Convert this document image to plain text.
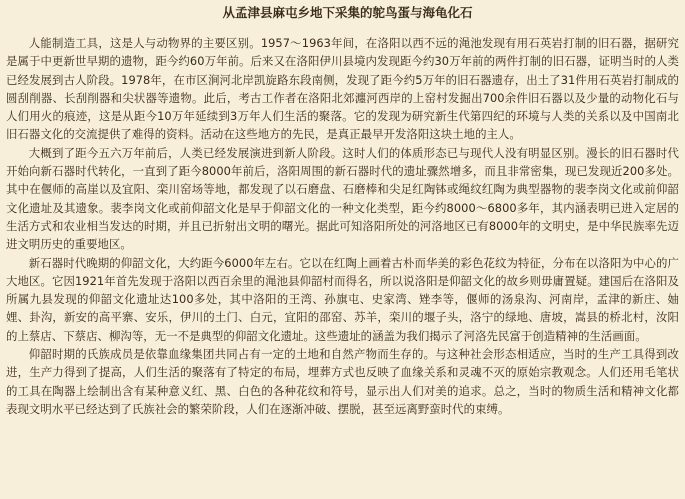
从孟津县麻屯乡地下采集的鸵鸟蛋与海龟化石

人能制造工具，这是人与动物界的主要区别。1957～1963年间，在洛阳以西不远的渑池发现有用石英岩打制的旧石器，据研究是属于中更新世早期的遗物，距今约60万年前。后来又在洛阳伊川县境内发现距今约30万年前的两件打制的旧石器，证明当时的人类已经发展到古人阶段。1978年，在市区涧河北岸凯旋路东段南侧，发现了距今约5万年的旧石器遗存，出土了31件用石英岩打制成的圆刮削器、长刮削器和尖状器等遗物。此后，考古工作者在洛阳北郊瀍河西岸的上窑村发掘出700余件旧石器以及少量的动物化石与人们用火的痕迹，这是从距今10万年延续到3万年人们生活的聚落。它的发现为研究新生代第四纪的环境与人类的关系以及中国南北旧石器文化的交流提供了难得的资料。活动在这些地方的先民，是真正最早开发洛阳这块土地的主人。

大概到了距今五六万年前后，人类已经发展演进到新人阶段。这时人们的体质形态已与现代人没有明显区别。漫长的旧石器时代开始向新石器时代转化，一直到了距今8000年前后，洛阳周围的新石器时代的遗址骤然增多，而且非常密集，现已发现近200多处。其中在偃师的高崖以及宜阳、栾川窑场等地，都发现了以石磨盘、石磨棒和尖足红陶钵或绳纹红陶为典型器物的裴李岗文化或前仰韶文化遗址及其遗象。裴李岗文化或前仰韶文化是早于仰韶文化的一种文化类型，距今约8000～6800多年，其内涵表明已进入定居的生活方式和农业相当发达的时期，并且已折射出文明的曙光。据此可知洛阳所处的河洛地区已有8000年的文明史，是中华民族率先迈进文明历史的重要地区。

新石器时代晚期的仰韶文化，大约距今6000年左右。它以在红陶上画着古朴而华美的彩色花纹为特征，分布在以洛阳为中心的广大地区。它因1921年首先发现于洛阳以西百余里的渑池县仰韶村而得名，所以说洛阳是仰韶文化的故乡则毋庸置疑。建国后在洛阳及所属九县发现的仰韶文化遗址达100多处，其中洛阳的王湾、孙旗屯、史家湾、矬李等，偃师的汤泉沟、河南岸，孟津的新庄、妯娌、卦沟，新安的高平寨、安乐，伊川的土门、白元，宜阳的邵窑、苏羊，栾川的堰子头，洛宁的绿地、唐坡，嵩县的桥北村，汝阳的上蔡店、下蔡店、柳沟等，无一不是典型的仰韶文化遗址。这些遗址的涵盖为我们揭示了河洛先民富于创造精神的生活画面。

仰韶时期的氏族成员是依靠血缘集团共同占有一定的土地和自然产物而生存的。与这种社会形态相适应，当时的生产工具得到改进，生产力得到了提高，人们生活的聚落有了特定的布局，埋葬方式也反映了血缘关系和灵魂不灭的原始宗教观念。人们还用毛笔状的工具在陶器上绘制出含有某种意义红、黑、白色的各种花纹和符号，显示出人们对美的追求。总之，当时的物质生活和精神文化都表现文明水平已经达到了氏族社会的繁荣阶段，人们在逐渐冲破、摆脱，甚至远离野蛮时代的束缚。
